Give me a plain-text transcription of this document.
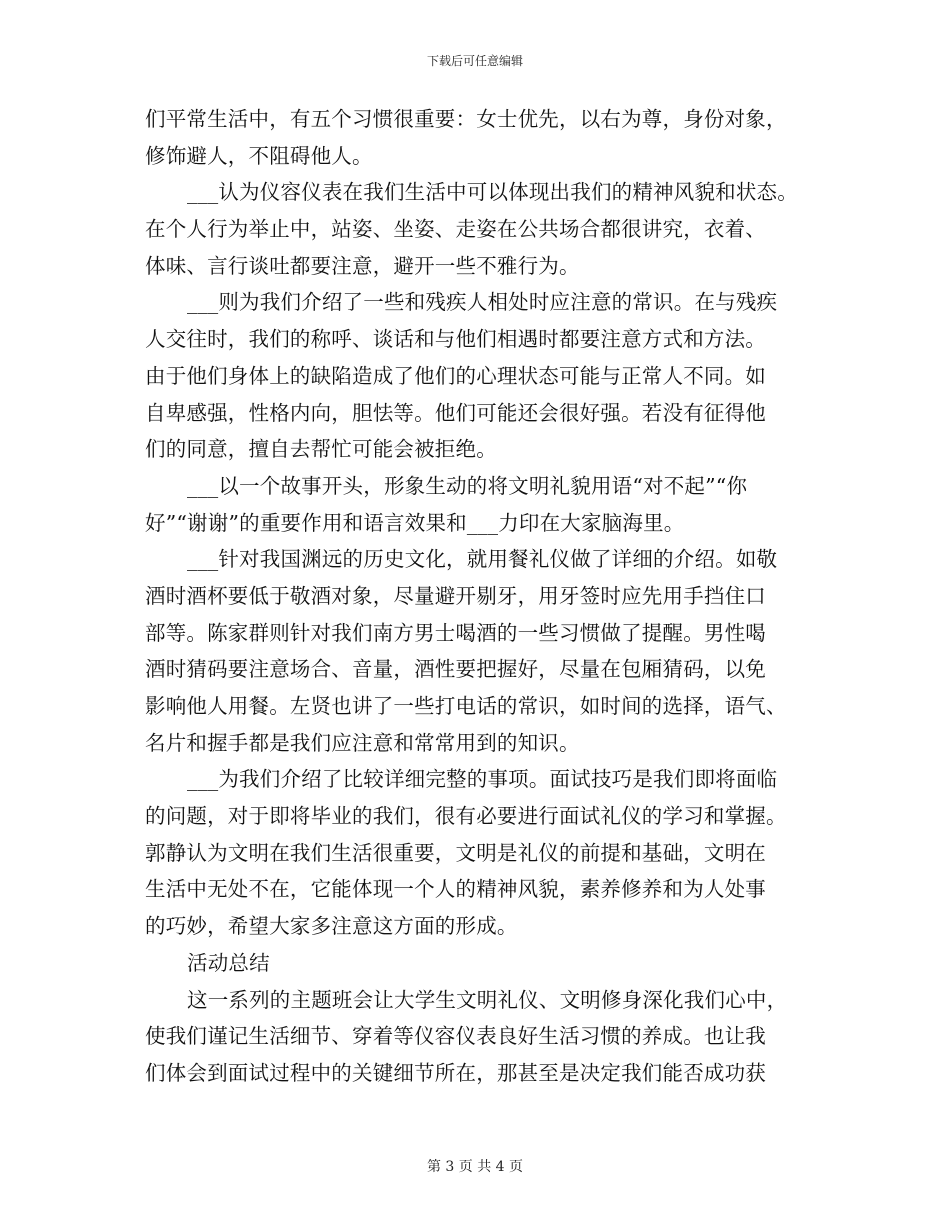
下载后可任意编辑
们平常生活中，有五个习惯很重要：女士优先，以右为尊，身份对象，
修饰避人，不阻碍他人。
___认为仪容仪表在我们生活中可以体现出我们的精神风貌和状态。
在个人行为举止中，站姿、坐姿、走姿在公共场合都很讲究，衣着、
体味、言行谈吐都要注意，避开一些不雅行为。
___则为我们介绍了一些和残疾人相处时应注意的常识。在与残疾
人交往时，我们的称呼、谈话和与他们相遇时都要注意方式和方法。
由于他们身体上的缺陷造成了他们的心理状态可能与正常人不同。如
自卑感强，性格内向，胆怯等。他们可能还会很好强。若没有征得他
们的同意，擅自去帮忙可能会被拒绝。
___以一个故事开头，形象生动的将文明礼貌用语“对不起”“你
好”“谢谢”的重要作用和语言效果和___力印在大家脑海里。
___针对我国渊远的历史文化，就用餐礼仪做了详细的介绍。如敬
酒时酒杯要低于敬酒对象，尽量避开剔牙，用牙签时应先用手挡住口
部等。陈家群则针对我们南方男士喝酒的一些习惯做了提醒。男性喝
酒时猜码要注意场合、音量，酒性要把握好，尽量在包厢猜码，以免
影响他人用餐。左贤也讲了一些打电话的常识，如时间的选择，语气、
名片和握手都是我们应注意和常常用到的知识。
___为我们介绍了比较详细完整的事项。面试技巧是我们即将面临
的问题，对于即将毕业的我们，很有必要进行面试礼仪的学习和掌握。
郭静认为文明在我们生活很重要，文明是礼仪的前提和基础，文明在
生活中无处不在，它能体现一个人的精神风貌，素养修养和为人处事
的巧妙，希望大家多注意这方面的形成。
活动总结
这一系列的主题班会让大学生文明礼仪、文明修身深化我们心中，
使我们谨记生活细节、穿着等仪容仪表良好生活习惯的养成。也让我
们体会到面试过程中的关键细节所在，那甚至是决定我们能否成功获
第 3 页 共 4 页
